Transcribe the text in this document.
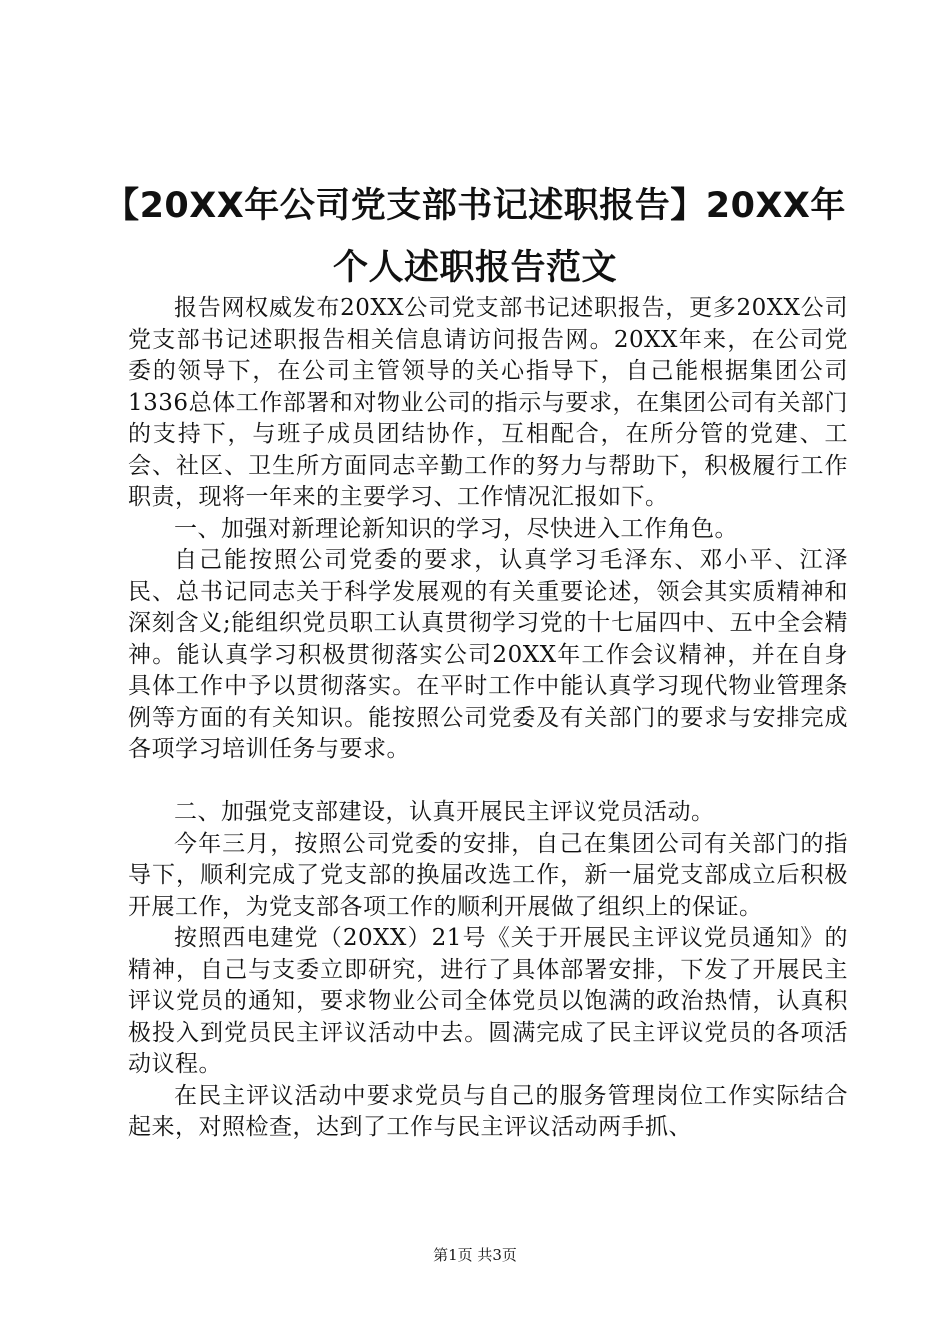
【20XX年公司党支部书记述职报告】20XX年
个人述职报告范文

报告网权威发布20XX公司党支部书记述职报告，更多20XX公司党支部书记述职报告相关信息请访问报告网。20XX年来，在公司党委的领导下，在公司主管领导的关心指导下，自己能根据集团公司1336总体工作部署和对物业公司的指示与要求，在集团公司有关部门的支持下，与班子成员团结协作，互相配合，在所分管的党建、工会、社区、卫生所方面同志辛勤工作的努力与帮助下，积极履行工作职责，现将一年来的主要学习、工作情况汇报如下。

一、加强对新理论新知识的学习，尽快进入工作角色。

自己能按照公司党委的要求，认真学习毛泽东、邓小平、江泽民、总书记同志关于科学发展观的有关重要论述，领会其实质精神和深刻含义;能组织党员职工认真贯彻学习党的十七届四中、五中全会精神。能认真学习积极贯彻落实公司20XX年工作会议精神，并在自身具体工作中予以贯彻落实。在平时工作中能认真学习现代物业管理条例等方面的有关知识。能按照公司党委及有关部门的要求与安排完成各项学习培训任务与要求。

二、加强党支部建设，认真开展民主评议党员活动。

今年三月，按照公司党委的安排，自己在集团公司有关部门的指导下，顺利完成了党支部的换届改选工作，新一届党支部成立后积极开展工作，为党支部各项工作的顺利开展做了组织上的保证。

按照西电建党（20XX）21号《关于开展民主评议党员通知》的精神，自己与支委立即研究，进行了具体部署安排，下发了开展民主评议党员的通知，要求物业公司全体党员以饱满的政治热情，认真积极投入到党员民主评议活动中去。圆满完成了民主评议党员的各项活动议程。

在民主评议活动中要求党员与自己的服务管理岗位工作实际结合起来，对照检查，达到了工作与民主评议活动两手抓、

第1页 共3页
